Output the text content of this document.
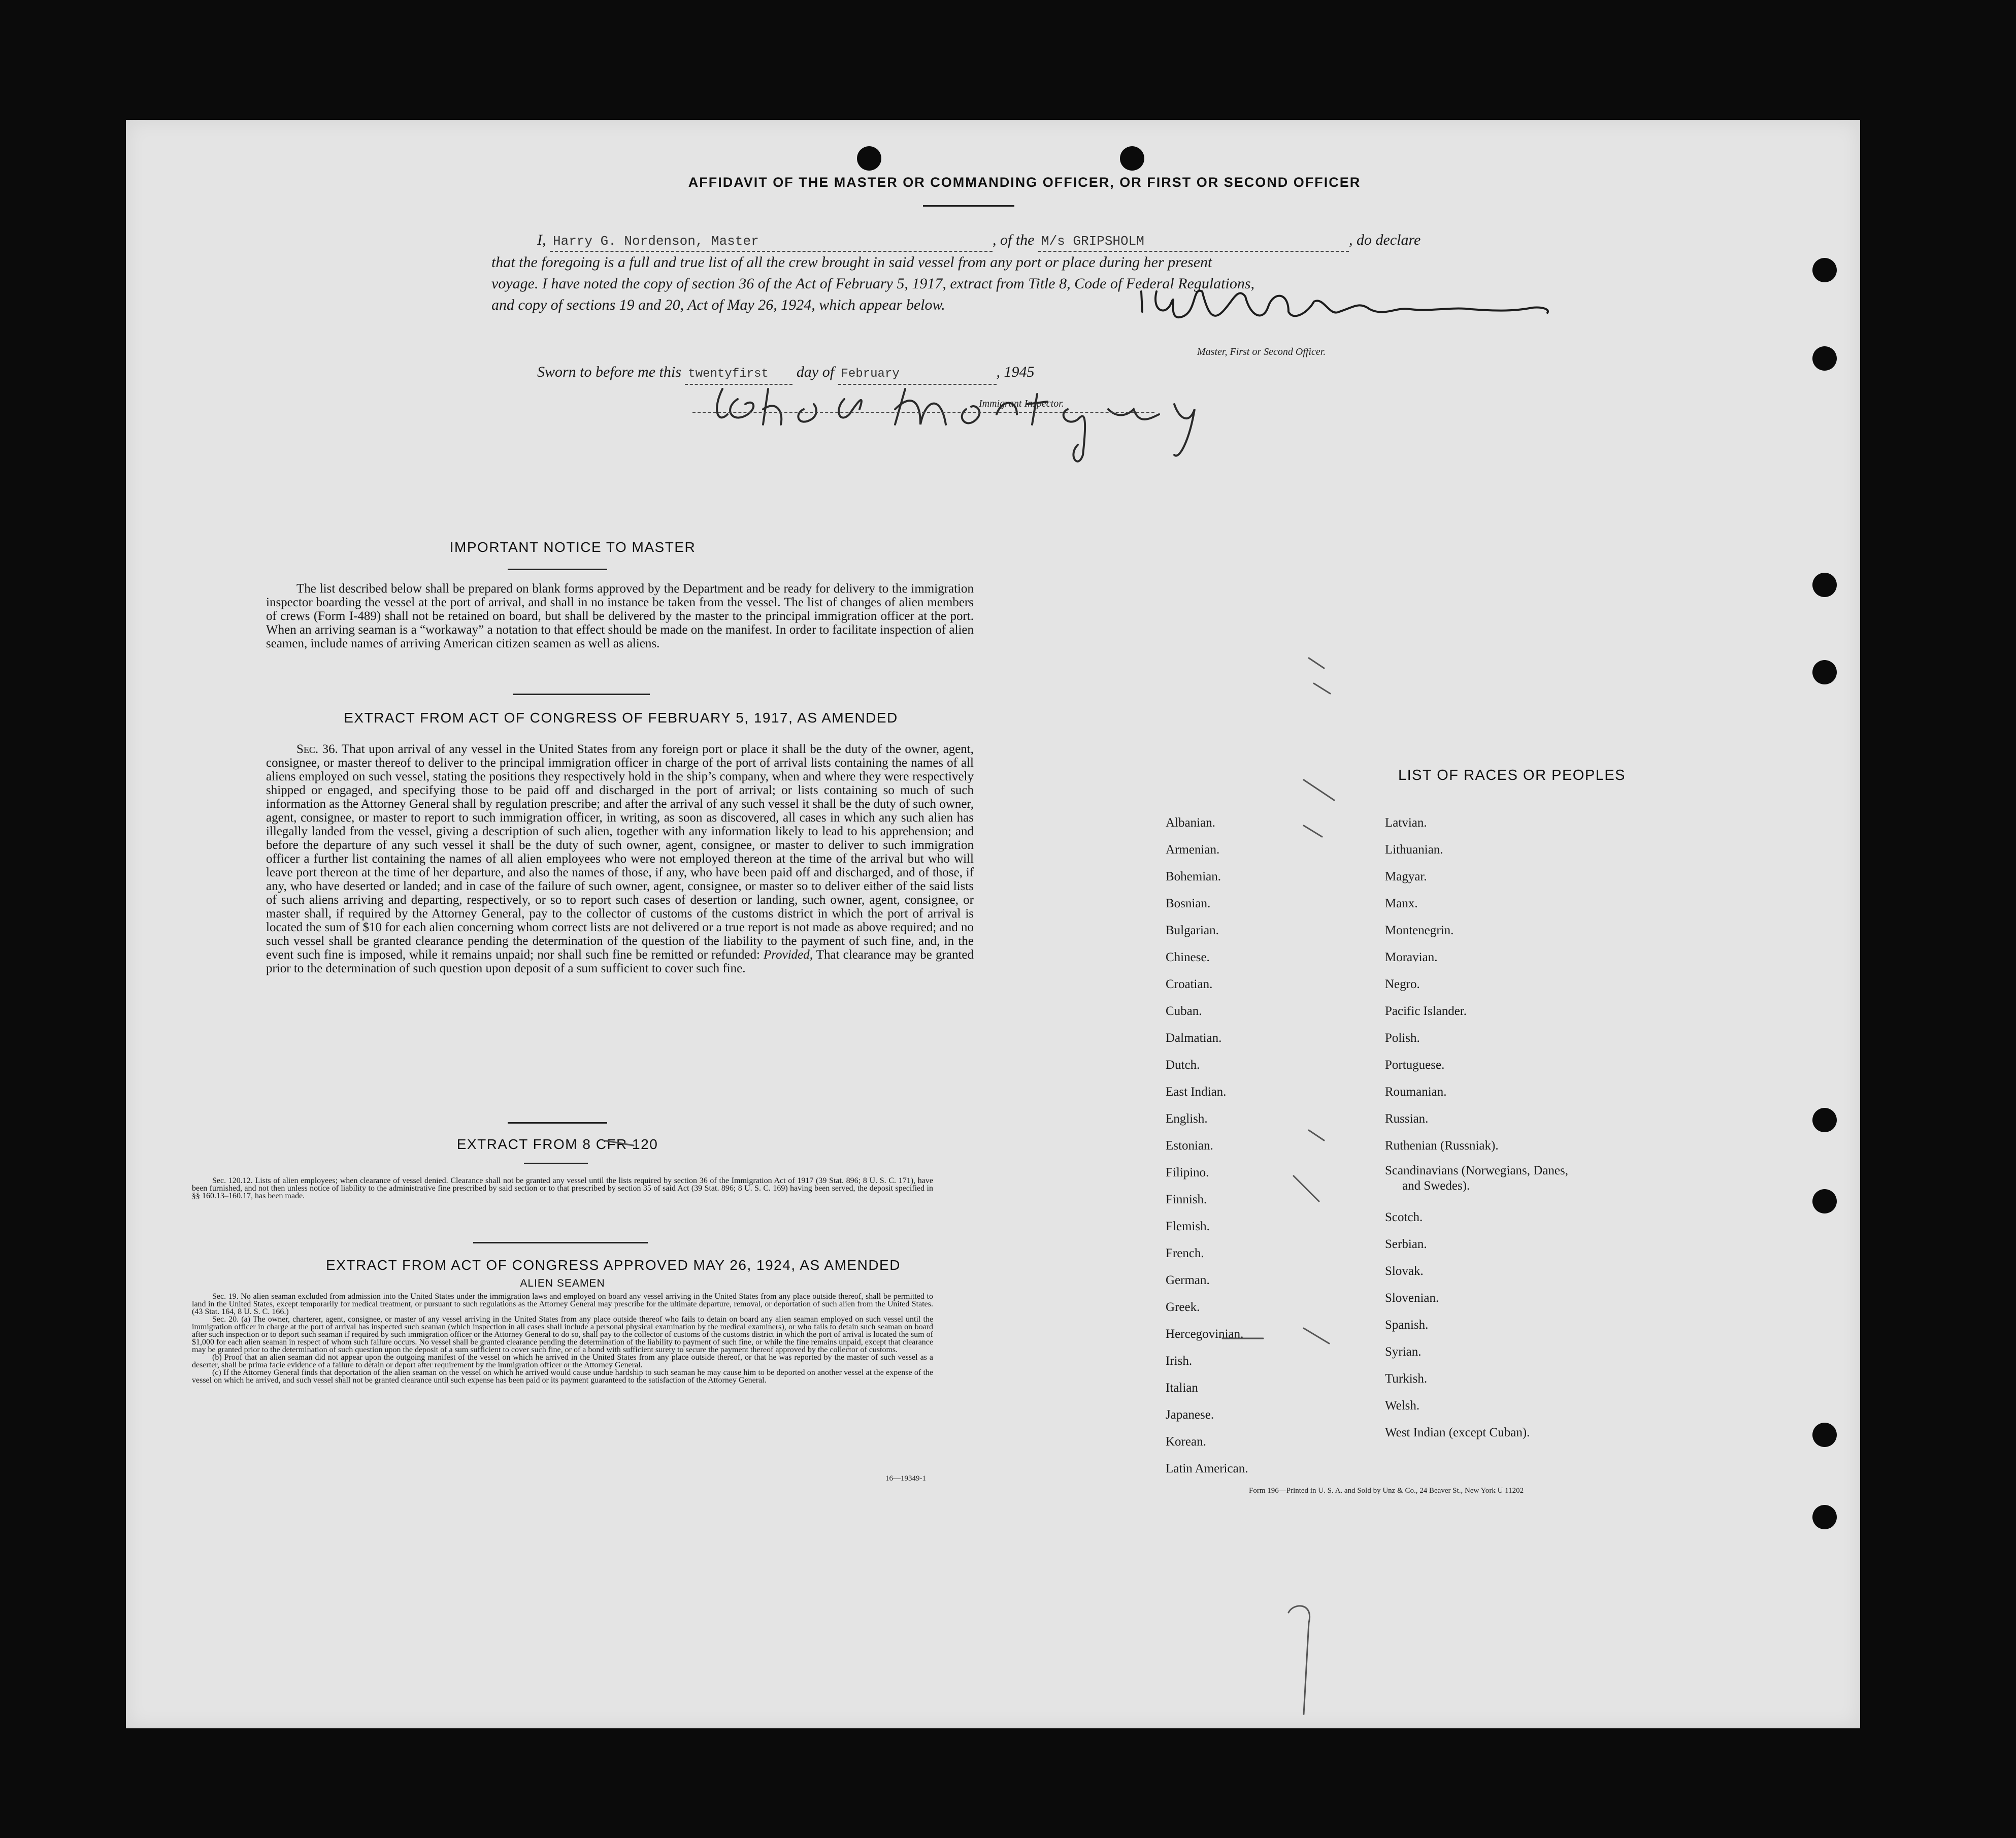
AFFIDAVIT OF THE MASTER OR COMMANDING OFFICER, OR FIRST OR SECOND OFFICER
I, Harry G. Nordenson, Master	, of the M/s GRIPSHOLM	, do declare
that the foregoing is a full and true list of all the crew brought in said vessel from any port or place during her present
voyage. I have noted the copy of section 36 of the Act of February 5, 1917, extract from Title 8, Code of Federal Regulations,
and copy of sections 19 and 20, Act of May 26, 1924, which appear below.
Master, First or Second Officer.
Sworn to before me this twentyfirst day of February	, 1945
Immigrant Inspector.
IMPORTANT NOTICE TO MASTER

The list described below shall be prepared on blank forms approved by the Department and be ready for delivery to the immigration inspector boarding the vessel at the port of arrival, and shall in no instance be taken from the vessel. The list of changes of alien members of crews (Form I-489) shall not be retained on board, but shall be delivered by the master to the principal immigration officer at the port. When an arriving seaman is a “workaway” a notation to that effect should be made on the manifest. In order to facilitate inspection of alien seamen, include names of arriving American citizen seamen as well as aliens.

EXTRACT FROM ACT OF CONGRESS OF FEBRUARY 5, 1917, AS AMENDED

Sec. 36. That upon arrival of any vessel in the United States from any foreign port or place it shall be the duty of the owner, agent, consignee, or master thereof to deliver to the principal immigration officer in charge of the port of arrival lists containing the names of all aliens employed on such vessel, stating the positions they respectively hold in the ship’s company, when and where they were respectively shipped or engaged, and specifying those to be paid off and discharged in the port of arrival; or lists containing so much of such information as the Attorney General shall by regulation prescribe; and after the arrival of any such vessel it shall be the duty of such owner, agent, consignee, or master to report to such immigration officer, in writing, as soon as discovered, all cases in which any such alien has illegally landed from the vessel, giving a description of such alien, together with any information likely to lead to his apprehension; and before the departure of any such vessel it shall be the duty of such owner, agent, consignee, or master to deliver to such immigration officer a further list containing the names of all alien employees who were not employed thereon at the time of the arrival but who will leave port thereon at the time of her departure, and also the names of those, if any, who have been paid off and discharged, and of those, if any, who have deserted or landed; and in case of the failure of such owner, agent, consignee, or master so to deliver either of the said lists of such aliens arriving and departing, respectively, or so to report such cases of desertion or landing, such owner, agent, consignee, or master shall, if required by the Attorney General, pay to the collector of customs of the customs district in which the port of arrival is located the sum of $10 for each alien concerning whom correct lists are not delivered or a true report is not made as above required; and no such vessel shall be granted clearance pending the determination of the question of the liability to the payment of such fine, and, in the event such fine is imposed, while it remains unpaid; nor shall such fine be remitted or refunded: Provided, That clearance may be granted prior to the determination of such question upon deposit of a sum sufficient to cover such fine.

EXTRACT FROM 8 CFR 120

Sec. 120.12. Lists of alien employees; when clearance of vessel denied. Clearance shall not be granted any vessel until the lists required by section 36 of the Immigration Act of 1917 (39 Stat. 896; 8 U. S. C. 171), have been furnished, and not then unless notice of liability to the administrative fine prescribed by said section or to that prescribed by section 35 of said Act (39 Stat. 896; 8 U. S. C. 169) having been served, the deposit specified in §§ 160.13–160.17, has been made.

EXTRACT FROM ACT OF CONGRESS APPROVED MAY 26, 1924, AS AMENDED
ALIEN SEAMEN

Sec. 19. No alien seaman excluded from admission into the United States under the immigration laws and employed on board any vessel arriving in the United States from any place outside thereof, shall be permitted to land in the United States, except temporarily for medical treatment, or pursuant to such regulations as the Attorney General may prescribe for the ultimate departure, removal, or deportation of such alien from the United States. (43 Stat. 164, 8 U. S. C. 166.)

Sec. 20. (a) The owner, charterer, agent, consignee, or master of any vessel arriving in the United States from any place outside thereof who fails to detain on board any alien seaman employed on such vessel until the immigration officer in charge at the port of arrival has inspected such seaman (which inspection in all cases shall include a personal physical examination by the medical examiners), or who fails to detain such seaman on board after such inspection or to deport such seaman if required by such immigration officer or the Attorney General to do so, shall pay to the collector of customs of the customs district in which the port of arrival is located the sum of $1,000 for each alien seaman in respect of whom such failure occurs. No vessel shall be granted clearance pending the determination of the liability to payment of such fine, or while the fine remains unpaid, except that clearance may be granted prior to the determination of such question upon the deposit of a sum sufficient to cover such fine, or of a bond with sufficient surety to secure the payment thereof approved by the collector of customs.

(b) Proof that an alien seaman did not appear upon the outgoing manifest of the vessel on which he arrived in the United States from any place outside thereof, or that he was reported by the master of such vessel as a deserter, shall be prima facie evidence of a failure to detain or deport after requirement by the immigration officer or the Attorney General.

(c) If the Attorney General finds that deportation of the alien seaman on the vessel on which he arrived would cause undue hardship to such seaman he may cause him to be deported on another vessel at the expense of the vessel on which he arrived, and such vessel shall not be granted clearance until such expense has been paid or its payment guaranteed to the satisfaction of the Attorney General.

16—19349-1
LIST OF RACES OR PEOPLES
Albanian.
Armenian.
Bohemian.
Bosnian.
Bulgarian.
Chinese.
Croatian.
Cuban.
Dalmatian.
Dutch.
East Indian.
English.
Estonian.
Filipino.
Finnish.
Flemish.
French.
German.
Greek.
Hercegovinian.
Irish.
Italian
Japanese.
Korean.
Latin American.
Latvian.
Lithuanian.
Magyar.
Manx.
Montenegrin.
Moravian.
Negro.
Pacific Islander.
Polish.
Portuguese.
Roumanian.
Russian.
Ruthenian (Russniak).
Scandinavians (Norwegians, Danes, and Swedes).
Scotch.
Serbian.
Slovak.
Slovenian.
Spanish.
Syrian.
Turkish.
Welsh.
West Indian (except Cuban).
Form 196—Printed in U. S. A. and Sold by Unz & Co., 24 Beaver St., New York U 11202
